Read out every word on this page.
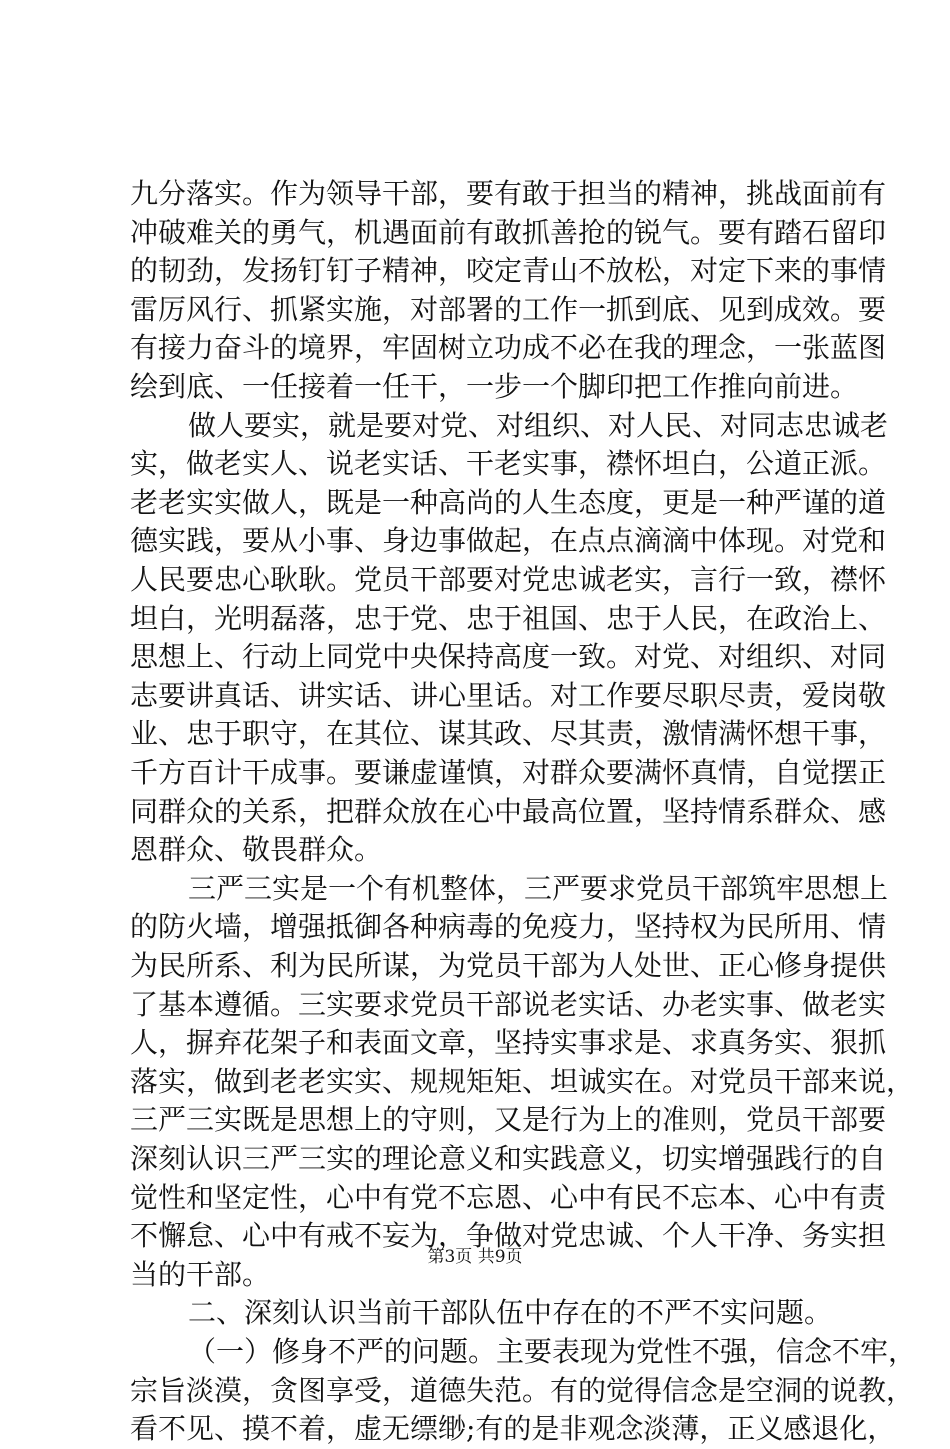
九分落实。作为领导干部，要有敢于担当的精神，挑战面前有
冲破难关的勇气，机遇面前有敢抓善抢的锐气。要有踏石留印
的韧劲，发扬钉钉子精神，咬定青山不放松，对定下来的事情
雷厉风行、抓紧实施，对部署的工作一抓到底、见到成效。要
有接力奋斗的境界，牢固树立功成不必在我的理念，一张蓝图
绘到底、一任接着一任干，一步一个脚印把工作推向前进。
做人要实，就是要对党、对组织、对人民、对同志忠诚老
实，做老实人、说老实话、干老实事，襟怀坦白，公道正派。
老老实实做人，既是一种高尚的人生态度，更是一种严谨的道
德实践，要从小事、身边事做起，在点点滴滴中体现。对党和
人民要忠心耿耿。党员干部要对党忠诚老实，言行一致，襟怀
坦白，光明磊落，忠于党、忠于祖国、忠于人民，在政治上、
思想上、行动上同党中央保持高度一致。对党、对组织、对同
志要讲真话、讲实话、讲心里话。对工作要尽职尽责，爱岗敬
业、忠于职守，在其位、谋其政、尽其责，激情满怀想干事，
千方百计干成事。要谦虚谨慎，对群众要满怀真情，自觉摆正
同群众的关系，把群众放在心中最高位置，坚持情系群众、感
恩群众、敬畏群众。
三严三实是一个有机整体，三严要求党员干部筑牢思想上
的防火墙，增强抵御各种病毒的免疫力，坚持权为民所用、情
为民所系、利为民所谋，为党员干部为人处世、正心修身提供
了基本遵循。三实要求党员干部说老实话、办老实事、做老实
人，摒弃花架子和表面文章，坚持实事求是、求真务实、狠抓
落实，做到老老实实、规规矩矩、坦诚实在。对党员干部来说，
三严三实既是思想上的守则，又是行为上的准则，党员干部要
深刻认识三严三实的理论意义和实践意义，切实增强践行的自
觉性和坚定性，心中有党不忘恩、心中有民不忘本、心中有责
不懈怠、心中有戒不妄为，争做对党忠诚、个人干净、务实担
当的干部。
二、深刻认识当前干部队伍中存在的不严不实问题。
（一）修身不严的问题。主要表现为党性不强，信念不牢，
宗旨淡漠，贪图享受，道德失范。有的觉得信念是空洞的说教，
看不见、摸不着，虚无缥缈;有的是非观念淡薄，正义感退化，
第3页 共9页
